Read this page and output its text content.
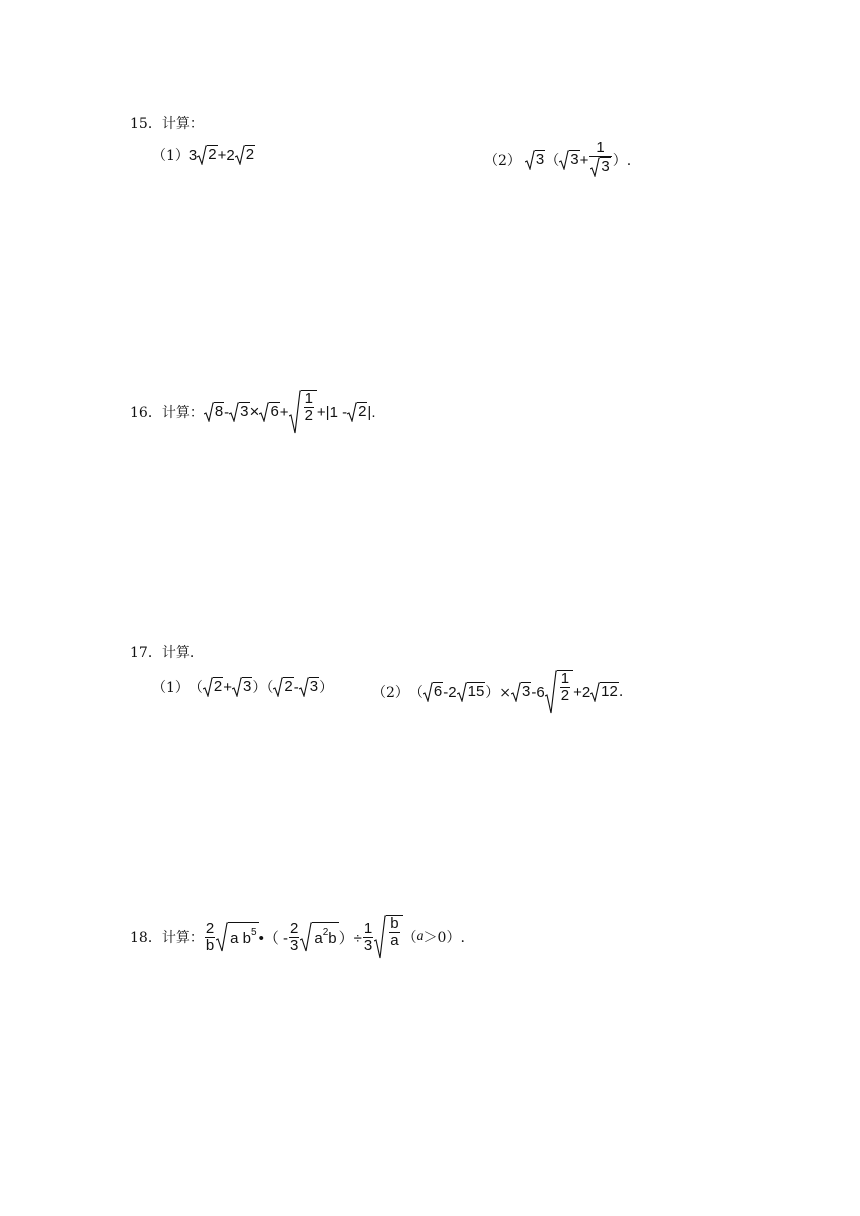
15．计算：
（1） 3 2 +2 2	（2） 3 （ $3 + \frac{1}{3}$ ）.
16．计算： $8 - 3 \times 6 + \frac{1}{2} +|1 - 2$ |.
17．计算.
（1） （ 2 + 3 ）（ 2 - 3 ）	（2） （ 6 -2 15 ）× 3 $-6 \frac{1}{2} +2$ 12 .
18．计算： $\frac{2}{b}$ a $b^5$ •（ - $\frac{2}{3} a^2b$ ）÷ $\frac{1}{3} \frac{b}{a}$ （ a ＞0）.
